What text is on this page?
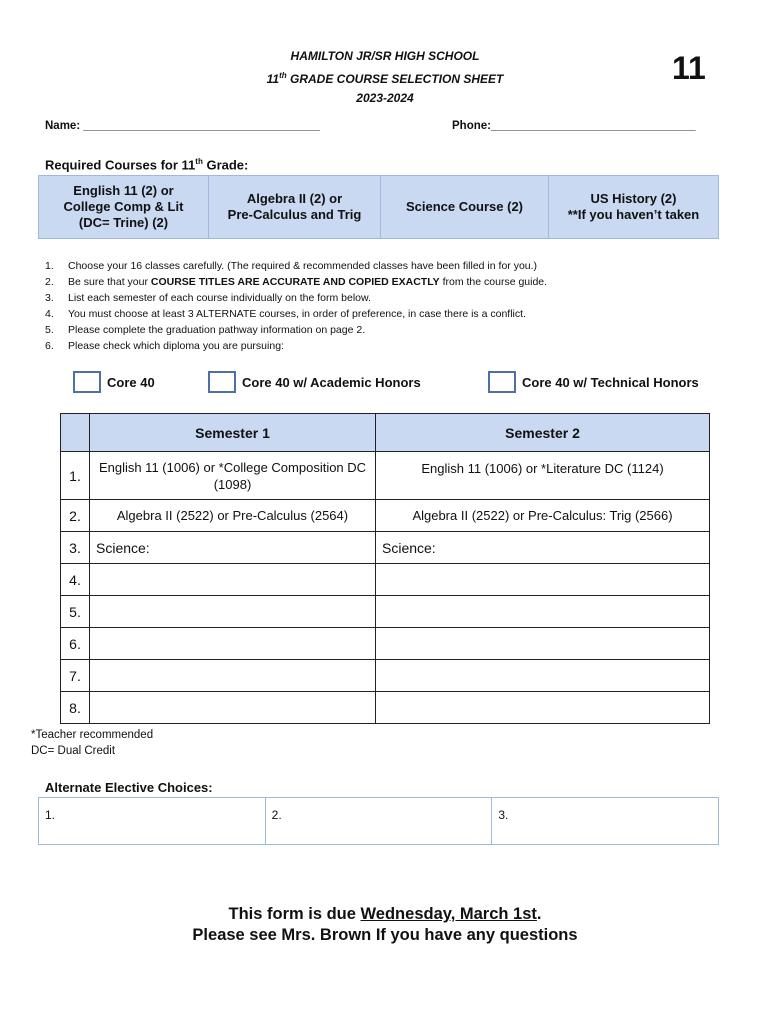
HAMILTON JR/SR HIGH SCHOOL
11th GRADE COURSE SELECTION SHEET
2023-2024
11
Name: _____________________________________	Phone:________________________________
Required Courses for 11th Grade:
English 11 (2) or
College Comp & Lit
(DC= Trine) (2)

Algebra II (2) or
Pre-Calculus and Trig

Science Course (2)

US History (2)
**If you haven’t taken
1.	Choose your 16 classes carefully. (The required & recommended classes have been filled in for you.)
2.	Be sure that your COURSE TITLES ARE ACCURATE AND COPIED EXACTLY from the course guide.
3.	List each semester of each course individually on the form below.
4.	You must choose at least 3 ALTERNATE courses, in order of preference, in case there is a conflict.
5.	Please complete the graduation pathway information on page 2.
6.	Please check which diploma you are pursuing:
Core 40	Core 40 w/ Academic Honors	Core 40 w/ Technical Honors
	Semester 1	Semester 2
1.	English 11 (1006) or *College Composition DC (1098)	English 11 (1006) or *Literature DC (1124)
2.	Algebra II (2522) or Pre-Calculus (2564)	Algebra II (2522) or Pre-Calculus: Trig (2566)
3.	Science:	Science:
4.		
5.		
6.		
7.		
8.		
*Teacher recommended
DC= Dual Credit
Alternate Elective Choices:
1.	2.	3.
This form is due Wednesday, March 1st.
Please see Mrs. Brown If you have any questions
